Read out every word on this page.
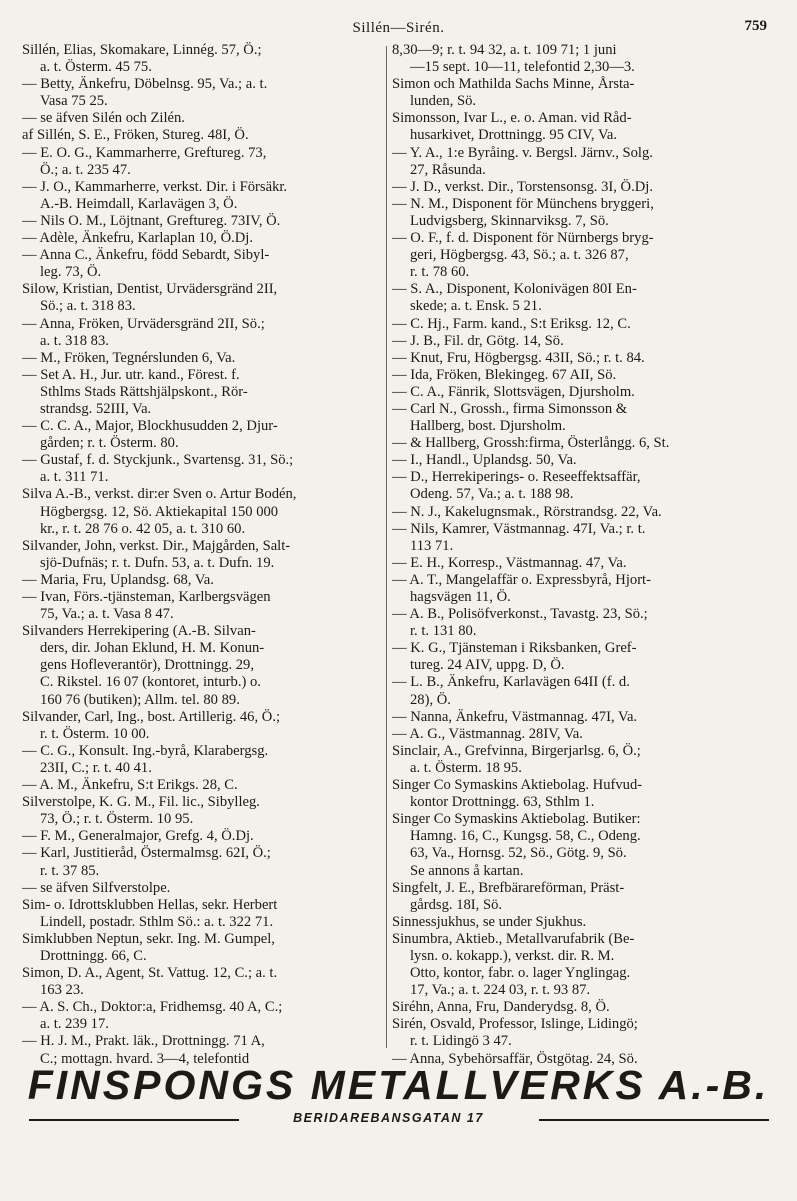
Sillén—Sirén.	759
Sillén, Elias, Skomakare, Linnég. 57, Ö.;
a. t. Österm. 45 75.
— Betty, Änkefru, Döbelnsg. 95, Va.; a. t.
Vasa 75 25.
— se äfven Silén och Zilén.
af Sillén, S. E., Fröken, Stureg. 48I, Ö.
— E. O. G., Kammarherre, Greftureg. 73,
Ö.; a. t. 235 47.
— J. O., Kammarherre, verkst. Dir. i Försäkr.
A.-B. Heimdall, Karlavägen 3, Ö.
— Nils O. M., Löjtnant, Greftureg. 73IV, Ö.
— Adèle, Änkefru, Karlaplan 10, Ö.Dj.
— Anna C., Änkefru, född Sebardt, Sibyl-
leg. 73, Ö.
Silow, Kristian, Dentist, Urvädersgränd 2II,
Sö.; a. t. 318 83.
— Anna, Fröken, Urvädersgränd 2II, Sö.;
a. t. 318 83.
— M., Fröken, Tegnérslunden 6, Va.
— Set A. H., Jur. utr. kand., Förest. f.
Sthlms Stads Rättshjälpskont., Rör-
strandsg. 52III, Va.
— C. C. A., Major, Blockhusudden 2, Djur-
gården; r. t. Österm. 80.
— Gustaf, f. d. Styckjunk., Svartensg. 31, Sö.;
a. t. 311 71.
Silva A.-B., verkst. dir:er Sven o. Artur Bodén,
Högbergsg. 12, Sö. Aktiekapital 150 000
kr., r. t. 28 76 o. 42 05, a. t. 310 60.
Silvander, John, verkst. Dir., Majgården, Salt-
sjö-Dufnäs; r. t. Dufn. 53, a. t. Dufn. 19.
— Maria, Fru, Uplandsg. 68, Va.
— Ivan, Förs.-tjänsteman, Karlbergsvägen
75, Va.; a. t. Vasa 8 47.
Silvanders Herrekipering (A.-B. Silvan-
ders, dir. Johan Eklund, H. M. Konun-
gens Hofleverantör), Drottningg. 29,
C. Rikstel. 16 07 (kontoret, inturb.) o.
160 76 (butiken); Allm. tel. 80 89.
Silvander, Carl, Ing., bost. Artillerig. 46, Ö.;
r. t. Österm. 10 00.
— C. G., Konsult. Ing.-byrå, Klarabergsg.
23II, C.; r. t. 40 41.
— A. M., Änkefru, S:t Erikgs. 28, C.
Silverstolpe, K. G. M., Fil. lic., Sibylleg.
73, Ö.; r. t. Österm. 10 95.
— F. M., Generalmajor, Grefg. 4, Ö.Dj.
— Karl, Justitieråd, Östermalmsg. 62I, Ö.;
r. t. 37 85.
— se äfven Silfverstolpe.
Sim- o. Idrottsklubben Hellas, sekr. Herbert
Lindell, postadr. Sthlm Sö.: a. t. 322 71.
Simklubben Neptun, sekr. Ing. M. Gumpel,
Drottningg. 66, C.
Simon, D. A., Agent, St. Vattug. 12, C.; a. t.
163 23.
— A. S. Ch., Doktor:a, Fridhemsg. 40 A, C.;
a. t. 239 17.
— H. J. M., Prakt. läk., Drottningg. 71 A,
C.; mottagn. hvard. 3—4, telefontid
8,30—9; r. t. 94 32, a. t. 109 71; 1 juni
—15 sept. 10—11, telefontid 2,30—3.
Simon och Mathilda Sachs Minne, Årsta-
lunden, Sö.
Simonsson, Ivar L., e. o. Aman. vid Råd-
husarkivet, Drottningg. 95 CIV, Va.
— Y. A., 1:e Byråing. v. Bergsl. Järnv., Solg.
27, Råsunda.
— J. D., verkst. Dir., Torstensonsg. 3I, Ö.Dj.
— N. M., Disponent för Münchens bryggeri,
Ludvigsberg, Skinnarviksg. 7, Sö.
— O. F., f. d. Disponent för Nürnbergs bryg-
geri, Högbergsg. 43, Sö.; a. t. 326 87,
r. t. 78 60.
— S. A., Disponent, Kolonivägen 80I En-
skede; a. t. Ensk. 5 21.
— C. Hj., Farm. kand., S:t Eriksg. 12, C.
— J. B., Fil. dr, Götg. 14, Sö.
— Knut, Fru, Högbergsg. 43II, Sö.; r. t. 84.
— Ida, Fröken, Blekingeg. 67 AII, Sö.
— C. A., Fänrik, Slottsvägen, Djursholm.
— Carl N., Grossh., firma Simonsson &
Hallberg, bost. Djursholm.
— & Hallberg, Grossh:firma, Österlångg. 6, St.
— I., Handl., Uplandsg. 50, Va.
— D., Herrekiperings- o. Reseeffektsaffär,
Odeng. 57, Va.; a. t. 188 98.
— N. J., Kakelugnsmak., Rörstrandsg. 22, Va.
— Nils, Kamrer, Västmannag. 47I, Va.; r. t.
113 71.
— E. H., Korresp., Västmannag. 47, Va.
— A. T., Mangelaffär o. Expressbyrå, Hjort-
hagsvägen 11, Ö.
— A. B., Polisöfverkonst., Tavastg. 23, Sö.;
r. t. 131 80.
— K. G., Tjänsteman i Riksbanken, Gref-
tureg. 24 AIV, uppg. D, Ö.
— L. B., Änkefru, Karlavägen 64II (f. d.
28), Ö.
— Nanna, Änkefru, Västmannag. 47I, Va.
— A. G., Västmannag. 28IV, Va.
Sinclair, A., Grefvinna, Birgerjarlsg. 6, Ö.;
a. t. Österm. 18 95.
Singer Co Symaskins Aktiebolag. Hufvud-
kontor Drottningg. 63, Sthlm 1.
Singer Co Symaskins Aktiebolag. Butiker:
Hamng. 16, C., Kungsg. 58, C., Odeng.
63, Va., Hornsg. 52, Sö., Götg. 9, Sö.
Se annons å kartan.
Singfelt, J. E., Brefbärareförman, Präst-
gårdsg. 18I, Sö.
Sinnessjukhus, se under Sjukhus.
Sinumbra, Aktieb., Metallvarufabrik (Be-
lysn. o. kokapp.), verkst. dir. R. M.
Otto, kontor, fabr. o. lager Ynglingag.
17, Va.; a. t. 224 03, r. t. 93 87.
Siréhn, Anna, Fru, Danderydsg. 8, Ö.
Sirén, Osvald, Professor, Islinge, Lidingö;
r. t. Lidingö 3 47.
— Anna, Sybehörsaffär, Östgötag. 24, Sö.
FINSPONGS METALLVERKS A.-B.
BERIDAREBANSGATAN 17
